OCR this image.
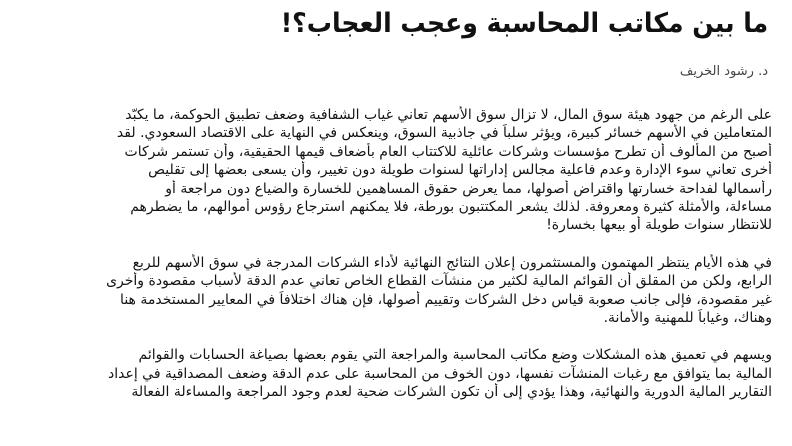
ما بين مكاتب المحاسبة وعجب العجاب؟!
د. رشود الخريف

على الرغم من جهود هيئة سوق المال، لا تزال سوق الأسهم تعاني غياب الشفافية وضعف تطبيق الحوكمة، ما يكبّد
المتعاملين في الأسهم خسائر كبيرة، ويؤثر سلباً في جاذبية السوق، وينعكس في النهاية على الاقتصاد السعودي. لقد
أصبح من المألوف أن تطرح مؤسسات وشركات عائلية للاكتتاب العام بأضعاف قيمها الحقيقية، وأن تستمر شركات
أخرى تعاني سوء الإدارة وعدم فاعلية مجالس إداراتها لسنوات طويلة دون تغيير، وأن يسعى بعضها إلى تقليص
رأسمالها لفداحة خسارتها واقتراض أصولها، مما يعرض حقوق المساهمين للخسارة والضياع دون مراجعة أو
مساءلة، والأمثلة كثيرة ومعروفة. لذلك يشعر المكتتبون بورطة، فلا يمكنهم استرجاع رؤوس أموالهم، ما يضطرهم
للانتظار سنوات طويلة أو بيعها بخسارة!

في هذه الأيام ينتظر المهتمون والمستثمرون إعلان النتائج النهائية لأداء الشركات المدرجة في سوق الأسهم للربع
الرابع، ولكن من المقلق أن القوائم المالية لكثير من منشآت القطاع الخاص تعاني عدم الدقة لأسباب مقصودة وأخرى
غير مقصودة، فإلى جانب صعوبة قياس دخل الشركات وتقييم أصولها، فإن هناك اختلافاً في المعايير المستخدمة هنا
وهناك، وغياباً للمهنية والأمانة.

ويسهم في تعميق هذه المشكلات وضع مكاتب المحاسبة والمراجعة التي يقوم بعضها بصياغة الحسابات والقوائم
المالية بما يتوافق مع رغبات المنشآت نفسها، دون الخوف من المحاسبة على عدم الدقة وضعف المصداقية في إعداد
التقارير المالية الدورية والنهائية، وهذا يؤدي إلى أن تكون الشركات ضحية لعدم وجود المراجعة والمساءلة الفعالة
